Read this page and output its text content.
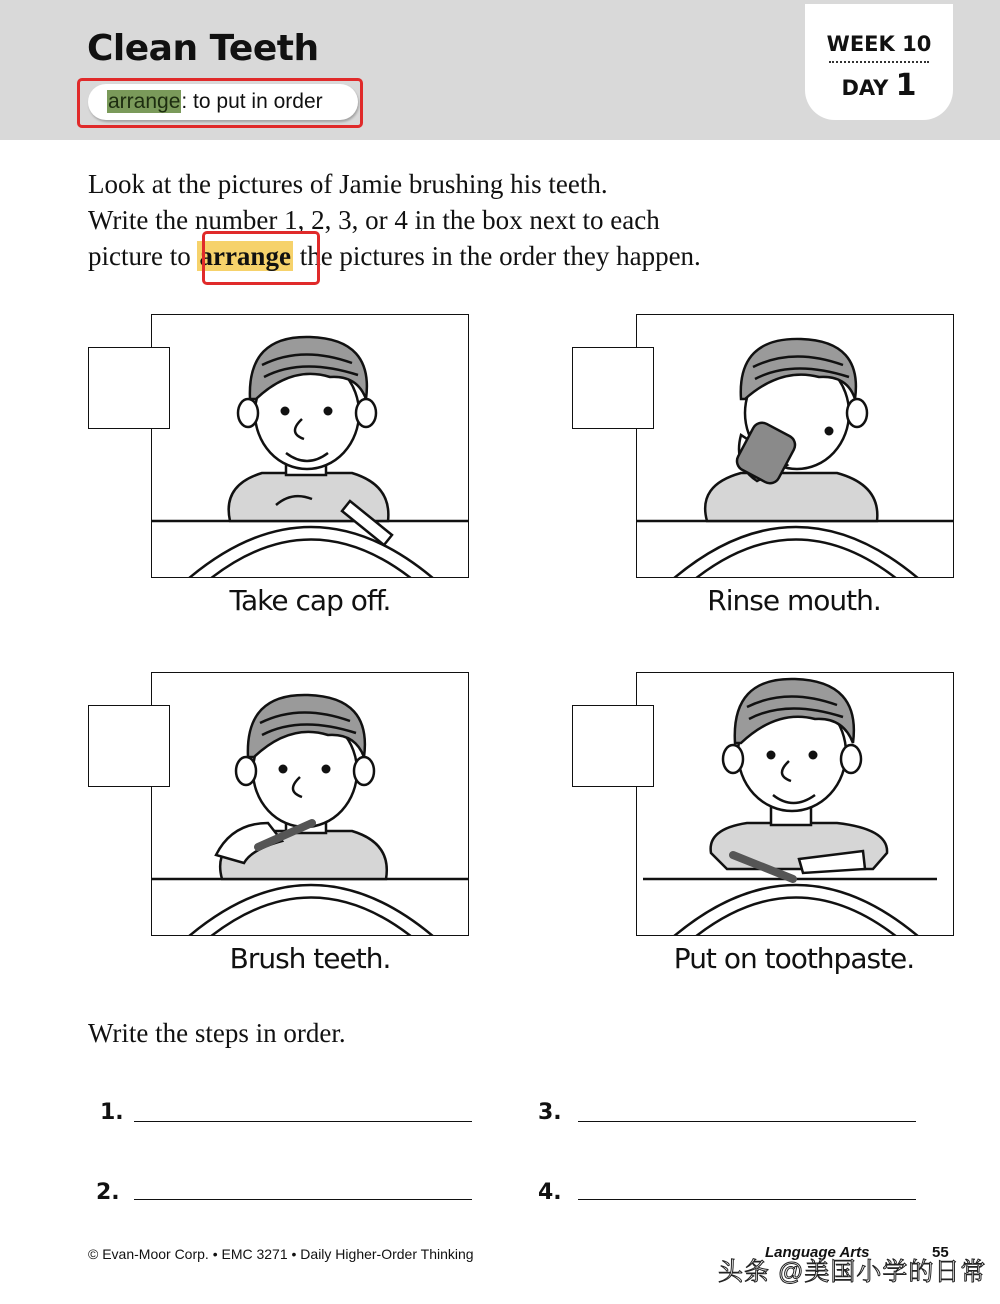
Clean Teeth
arrange: to put in order
WEEK 10
DAY 1
Look at the pictures of Jamie brushing his teeth.
Write the number 1, 2, 3, or 4 in the box next to each
picture to arrange the pictures in the order they happen.
Take cap off.	Rinse mouth.
Brush teeth.	Put on toothpaste.
Write the steps in order.
1.
2.
3.
4.
© Evan-Moor Corp. • EMC 3271 • Daily Higher-Order Thinking	Language Arts	55
头条 @美国小学的日常
